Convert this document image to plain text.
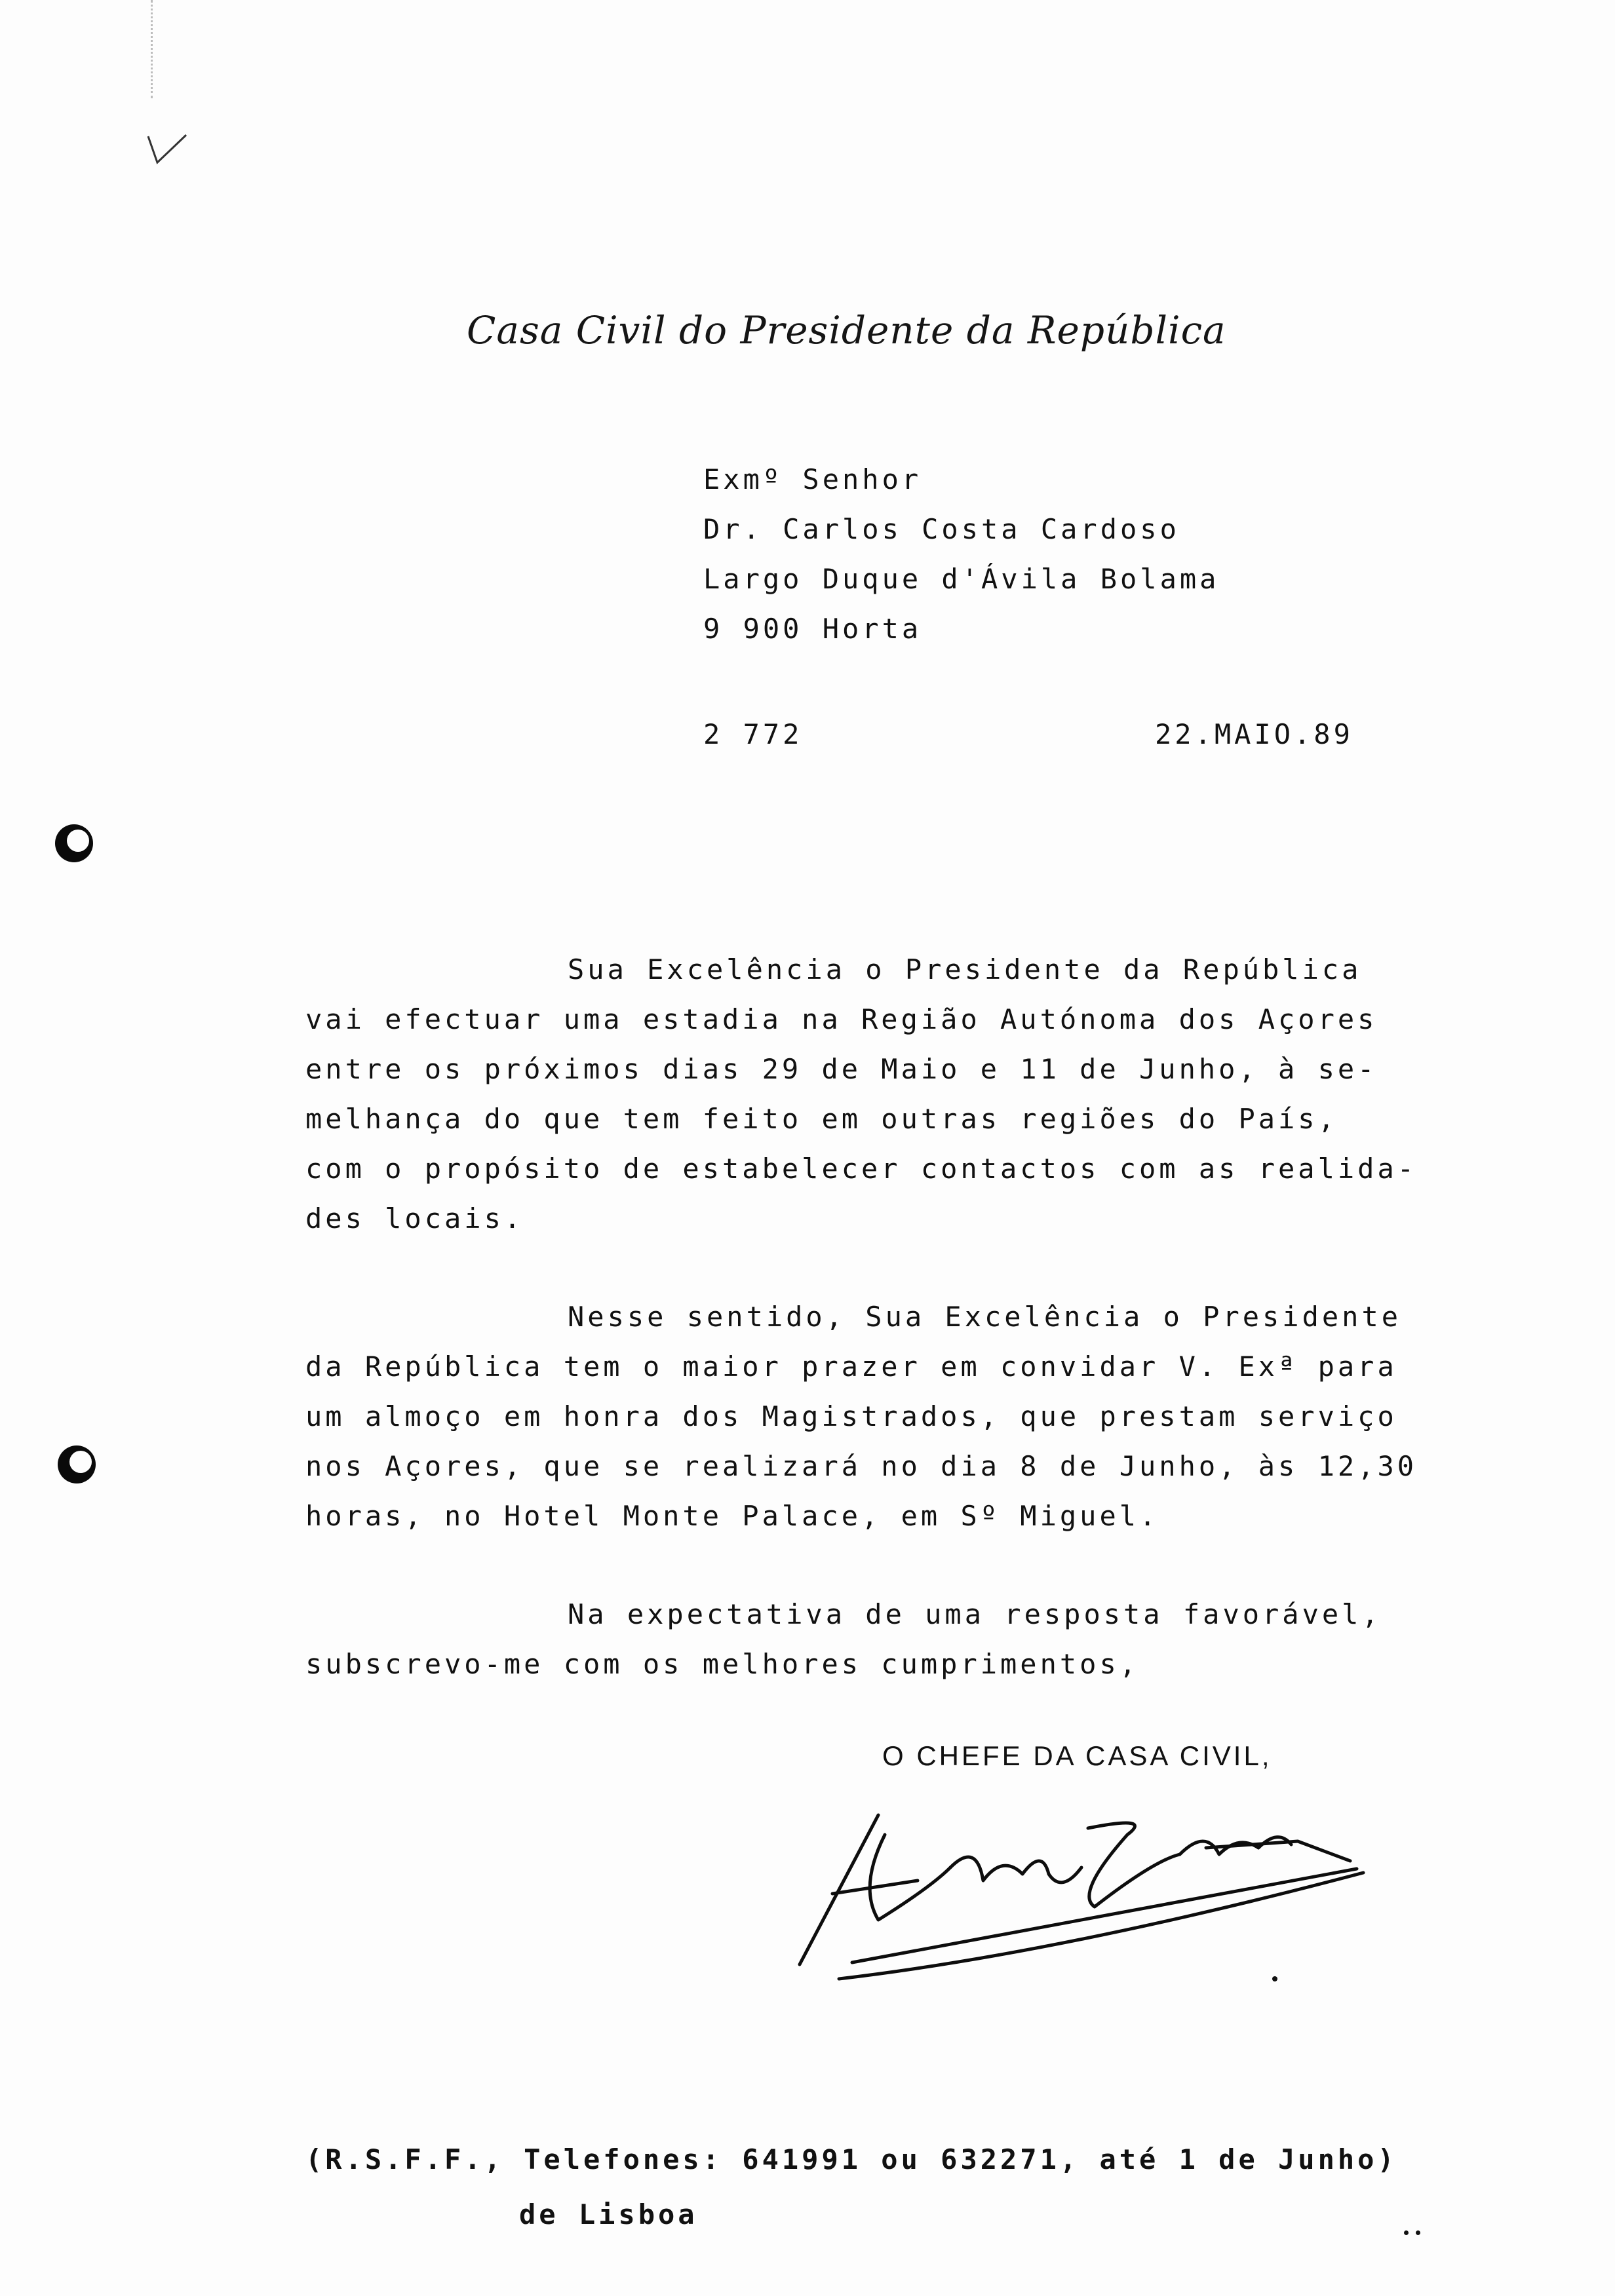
Casa Civil do Presidente da República
Exmº Senhor
Dr. Carlos Costa Cardoso
Largo Duque d'Ávila Bolama
9 900 Horta
2 772	22.MAIO.89
Sua Excelência o Presidente da República
vai efectuar uma estadia na Região Autónoma dos Açores
entre os próximos dias 29 de Maio e 11 de Junho, à se-
melhança do que tem feito em outras regiões do País,
com o propósito de estabelecer contactos com as realida-
des locais.
Nesse sentido, Sua Excelência o Presidente
da República tem o maior prazer em convidar V. Exª para
um almoço em honra dos Magistrados, que prestam serviço
nos Açores, que se realizará no dia 8 de Junho, às 12,30
horas, no Hotel Monte Palace, em Sº Miguel.
Na expectativa de uma resposta favorável,
subscrevo-me com os melhores cumprimentos,
O CHEFE DA CASA CIVIL,
(R.S.F.F., Telefones: 641991 ou 632271, até 1 de Junho)
de Lisboa
